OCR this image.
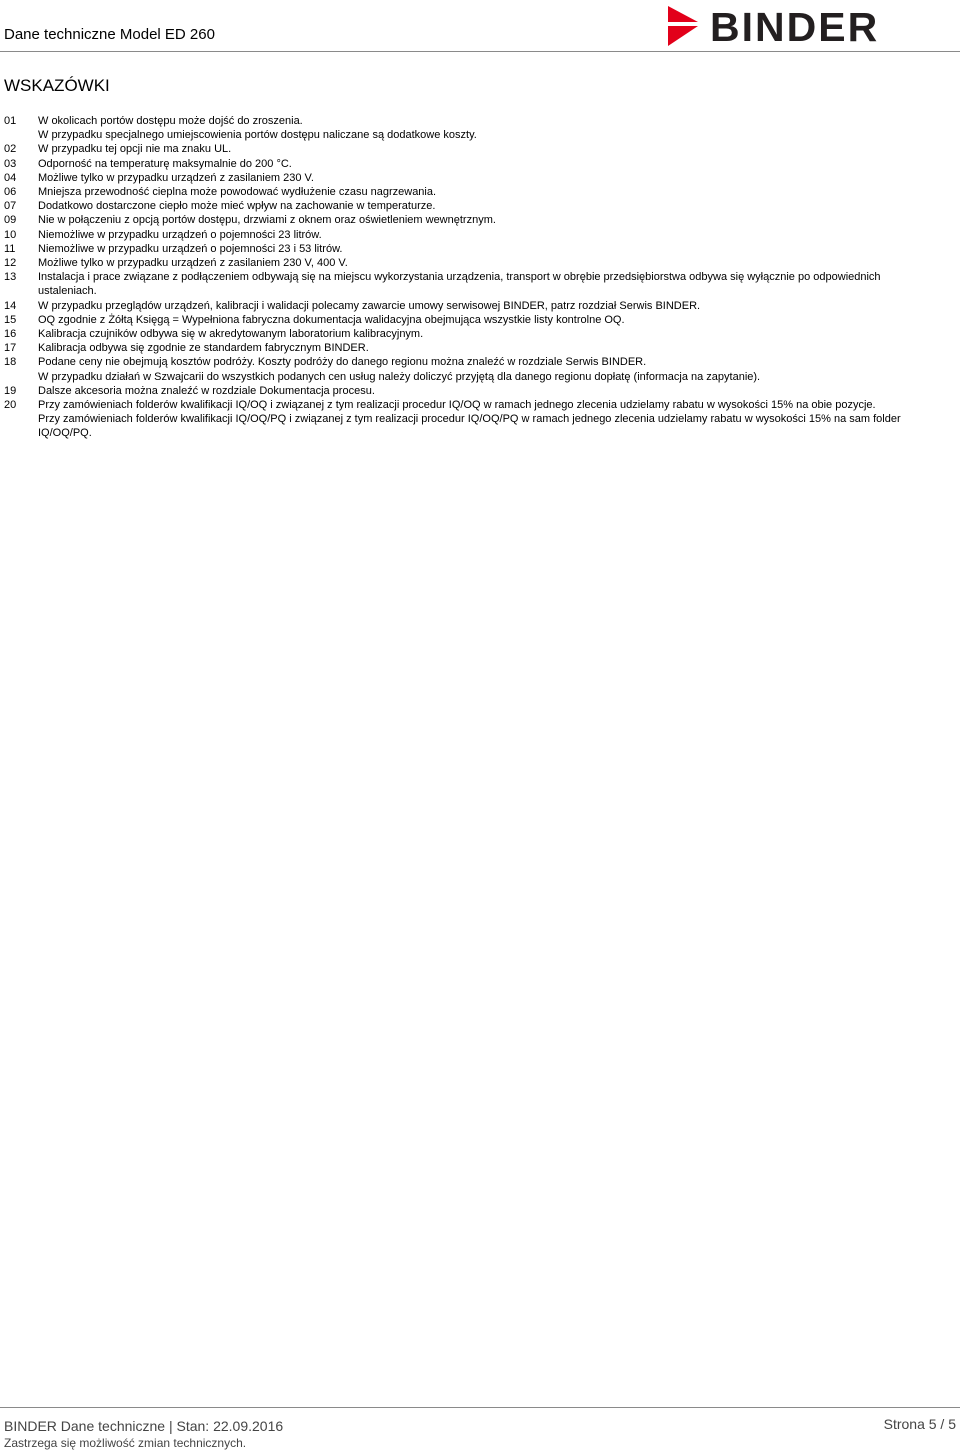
Dane techniczne Model ED 260	BINDER
WSKAZÓWKI
01	W okolicach portów dostępu może dojść do zroszenia.
W przypadku specjalnego umiejscowienia portów dostępu naliczane są dodatkowe koszty.
02	W przypadku tej opcji nie ma znaku UL.
03	Odporność na temperaturę maksymalnie do 200 °C.
04	Możliwe tylko w przypadku urządzeń z zasilaniem 230 V.
06	Mniejsza przewodność cieplna może powodować wydłużenie czasu nagrzewania.
07	Dodatkowo dostarczone ciepło może mieć wpływ na zachowanie w temperaturze.
09	Nie w połączeniu z opcją portów dostępu, drzwiami z oknem oraz oświetleniem wewnętrznym.
10	Niemożliwe w przypadku urządzeń o pojemności 23 litrów.
11	Niemożliwe w przypadku urządzeń o pojemności 23 i 53 litrów.
12	Możliwe tylko w przypadku urządzeń z zasilaniem 230 V, 400 V.
13	Instalacja i prace związane z podłączeniem odbywają się na miejscu wykorzystania urządzenia, transport w obrębie przedsiębiorstwa odbywa się wyłącznie po odpowiednich
ustaleniach.
14	W przypadku przeglądów urządzeń, kalibracji i walidacji polecamy zawarcie umowy serwisowej BINDER, patrz rozdział Serwis BINDER.
15	OQ zgodnie z Żółtą Księgą = Wypełniona fabryczna dokumentacja walidacyjna obejmująca wszystkie listy kontrolne OQ.
16	Kalibracja czujników odbywa się w akredytowanym laboratorium kalibracyjnym.
17	Kalibracja odbywa się zgodnie ze standardem fabrycznym BINDER.
18	Podane ceny nie obejmują kosztów podróży. Koszty podróży do danego regionu można znaleźć w rozdziale Serwis BINDER.
W przypadku działań w Szwajcarii do wszystkich podanych cen usług należy doliczyć przyjętą dla danego regionu dopłatę (informacja na zapytanie).
19	Dalsze akcesoria można znaleźć w rozdziale Dokumentacja procesu.
20	Przy zamówieniach folderów kwalifikacji IQ/OQ i związanej z tym realizacji procedur IQ/OQ w ramach jednego zlecenia udzielamy rabatu w wysokości 15% na obie pozycje.
Przy zamówieniach folderów kwalifikacji IQ/OQ/PQ i związanej z tym realizacji procedur IQ/OQ/PQ w ramach jednego zlecenia udzielamy rabatu w wysokości 15% na sam folder
IQ/OQ/PQ.
BINDER Dane techniczne | Stan: 22.09.2016
Zastrzega się możliwość zmian technicznych.
Strona 5 / 5
